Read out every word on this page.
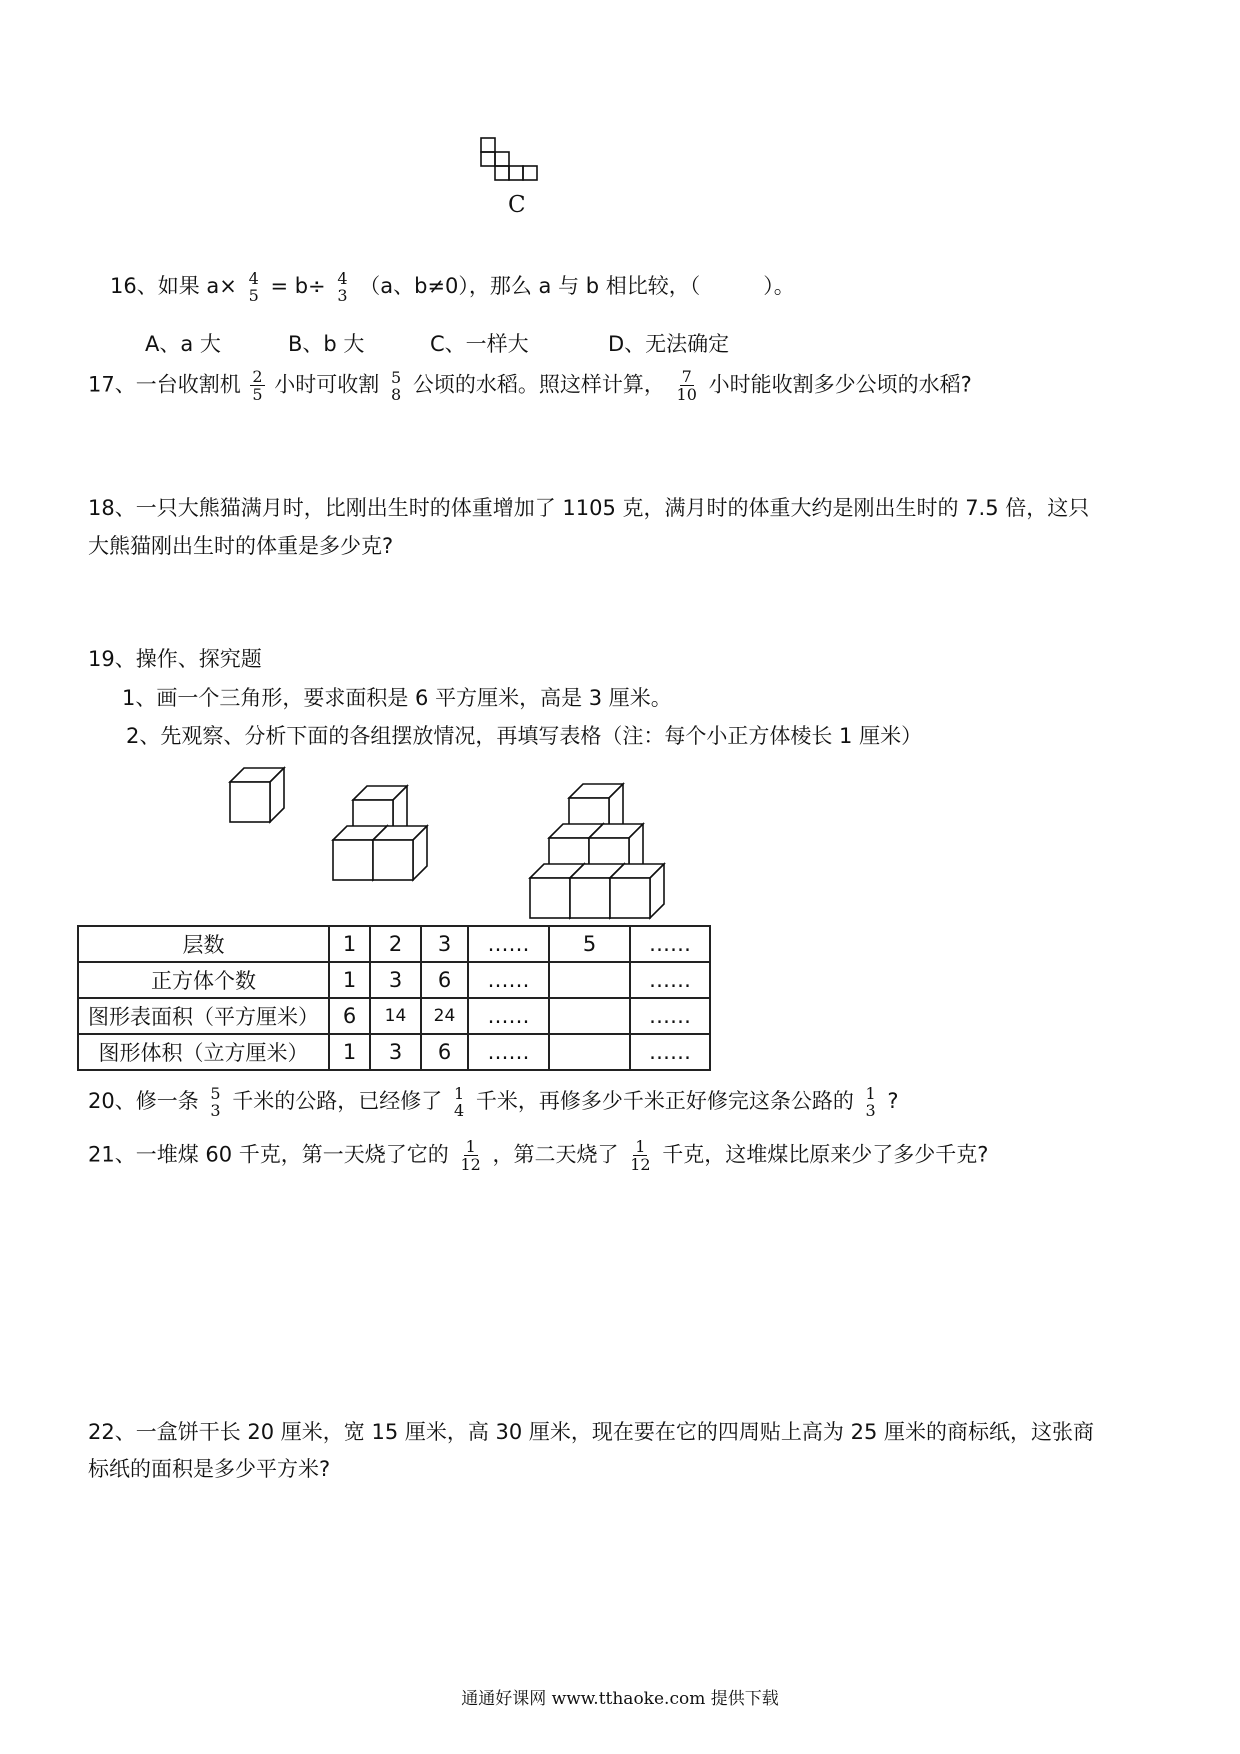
C
16、如果 a× 4
5 = b÷ 4
3 （a、b≠0），那么 a 与 b 相比较，（　　　）。
A、a 大	B、b 大	C、一样大	D、无法确定
17、一台收割机 $\frac{2}{5}$ 小时可收割 5
8 公顷的水稻。照这样计算， $\frac{7}{10}$ 小时能收割多少公顷的水稻?
18、一只大熊猫满月时，比刚出生时的体重增加了 1105 克，满月时的体重大约是刚出生时的 7.5 倍，这只
大熊猫刚出生时的体重是多少克?
19、操作、探究题
1、画一个三角形，要求面积是 6 平方厘米，高是 3 厘米。
2、先观察、分析下面的各组摆放情况，再填写表格（注：每个小正方体棱长 1 厘米）
层数	1	2	3	……	5	……
正方体个数	1	3	6	……		……
图形表面积（平方厘米）	6	14	24	……		……
图形体积（立方厘米）	1	3	6	……		……
20、修一条 5
3 千米的公路，已经修了 1
4 千米，再修多少千米正好修完这条公路的 1
3 ?
21、一堆煤 60 千克，第一天烧了它的 $\frac{1}{12}$ ，第二天烧了 $\frac{1}{12}$ 千克，这堆煤比原来少了多少千克?
22、一盒饼干长 20 厘米，宽 15 厘米，高 30 厘米，现在要在它的四周贴上高为 25 厘米的商标纸，这张商
标纸的面积是多少平方米?
通通好课网 www.tthaoke.com 提供下载
